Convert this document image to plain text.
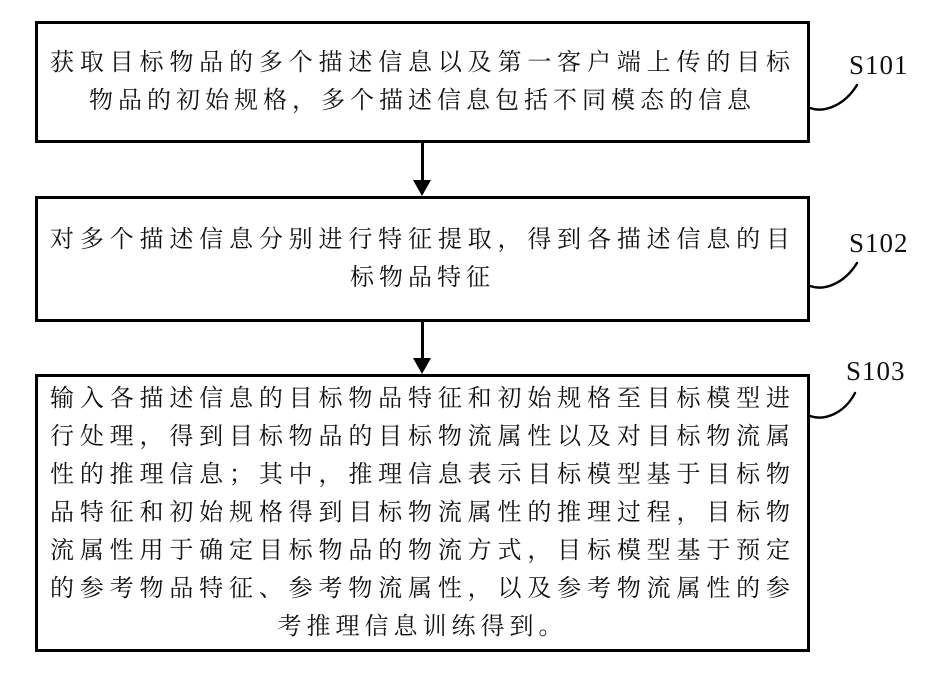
获取目标物品的多个描述信息以及第一客户端上传的目标物品的初始规格，多个描述信息包括不同模态的信息
对多个描述信息分别进行特征提取，得到各描述信息的目标物品特征
输入各描述信息的目标物品特征和初始规格至目标模型进行处理，得到目标物品的目标物流属性以及对目标物流属性的推理信息；其中，推理信息表示目标模型基于目标物品特征和初始规格得到目标物流属性的推理过程，目标物流属性用于确定目标物品的物流方式，目标模型基于预定的参考物品特征、参考物流属性，以及参考物流属性的参考推理信息训练得到。
S101
S102
S103
